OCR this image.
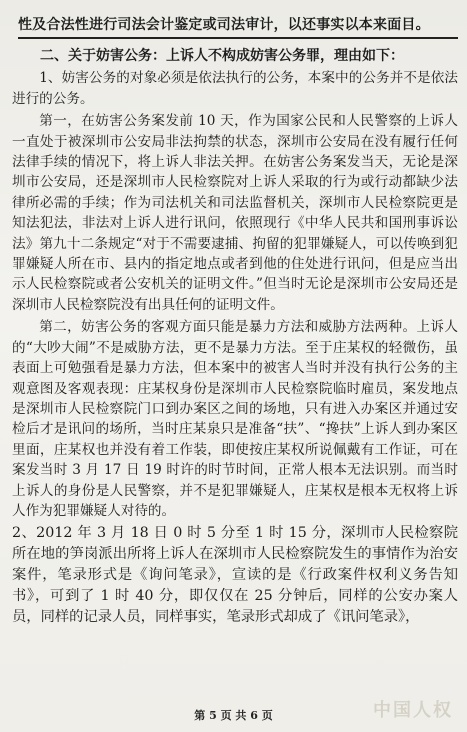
性及合法性进行司法会计鉴定或司法审计，以还事实以本来面目。
二、关于妨害公务：上诉人不构成妨害公务罪，理由如下：

1、妨害公务的对象必须是依法执行的公务，本案中的公务并不是依法进行的公务。

第一，在妨害公务案发前 10 天，作为国家公民和人民警察的上诉人一直处于被深圳市公安局非法拘禁的状态，深圳市公安局在没有履行任何法律手续的情况下，将上诉人非法关押。在妨害公务案发当天，无论是深圳市公安局，还是深圳市人民检察院对上诉人采取的行为或行动都缺少法律所必需的手续；作为司法机关和司法监督机关，深圳市人民检察院更是知法犯法，非法对上诉人进行讯问，依照现行《中华人民共和国刑事诉讼法》第九十二条规定“对于不需要逮捕、拘留的犯罪嫌疑人，可以传唤到犯罪嫌疑人所在市、县内的指定地点或者到他的住处进行讯问，但是应当出示人民检察院或者公安机关的证明文件。”但当时无论是深圳市公安局还是深圳市人民检察院没有出具任何的证明文件。

第二，妨害公务的客观方面只能是暴力方法和威胁方法两种。上诉人的“大吵大闹”不是威胁方法，更不是暴力方法。至于庄某权的轻微伤，虽表面上可勉强看是暴力方法，但本案中的被害人当时并没有执行公务的主观意图及客观表现：庄某权身份是深圳市人民检察院临时雇员，案发地点是深圳市人民检察院门口到办案区之间的场地，只有进入办案区并通过安检后才是讯问的场所，当时庄某泉只是准备“扶”、“搀扶”上诉人到办案区里面，庄某权也并没有着工作装，即使按庄某权所说佩戴有工作证，可在案发当时 3 月 17 日 19 时许的时节时间，正常人根本无法识别。而当时上诉人的身份是人民警察，并不是犯罪嫌疑人，庄某权是根本无权将上诉人作为犯罪嫌疑人对待的。

2、2012 年 3 月 18 日 0 时 5 分至 1 时 15 分，深圳市人民检察院所在地的笋岗派出所将上诉人在深圳市人民检察院发生的事情作为治安案件，笔录形式是《询问笔录》，宣读的是《行政案件权利义务告知书》，可到了 1 时 40 分，即仅仅在 25 分钟后，同样的公安办案人员，同样的记录人员，同样事实，笔录形式却成了《讯问笔录》，

第 5 页 共 6 页	中国人权
